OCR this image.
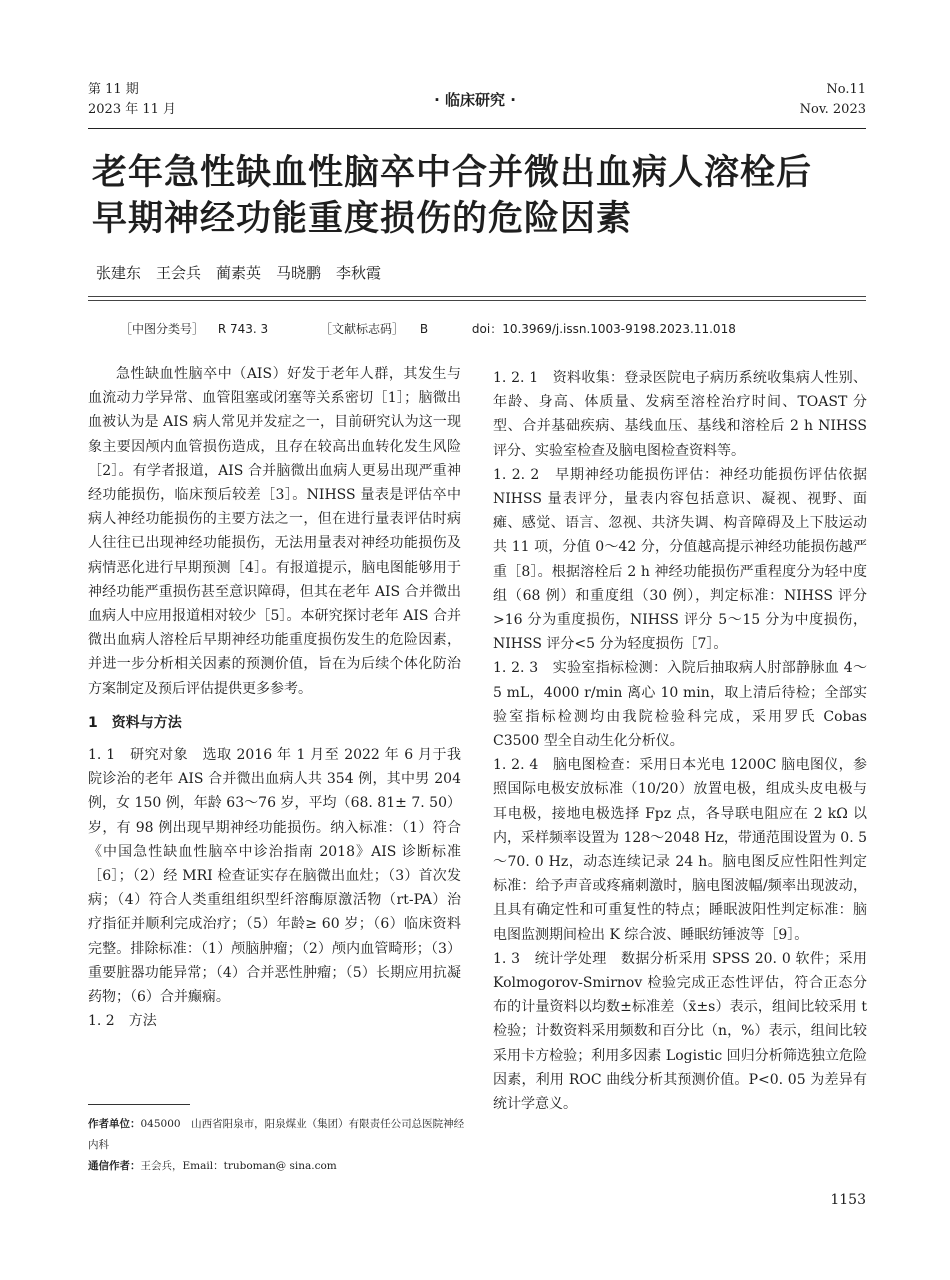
第 11 期
2023 年 11 月
· 临床研究 ·
No.11
Nov. 2023
老年急性缺血性脑卒中合并微出血病人溶栓后
早期神经功能重度损伤的危险因素
张建东　王会兵　蔺素英　马晓鹏　李秋霞
［中图分类号］ R 743. 3	［文献标志码］ B	doi：10.3969/j.issn.1003-9198.2023.11.018

急性缺血性脑卒中（AIS）好发于老年人群，其发生与血流动力学异常、血管阻塞或闭塞等关系密切［1］；脑微出血被认为是 AIS 病人常见并发症之一，目前研究认为这一现象主要因颅内血管损伤造成，且存在较高出血转化发生风险［2］。有学者报道，AIS 合并脑微出血病人更易出现严重神经功能损伤，临床预后较差［3］。NIHSS 量表是评估卒中病人神经功能损伤的主要方法之一，但在进行量表评估时病人往往已出现神经功能损伤，无法用量表对神经功能损伤及病情恶化进行早期预测［4］。有报道提示，脑电图能够用于神经功能严重损伤甚至意识障碍，但其在老年 AIS 合并微出血病人中应用报道相对较少［5］。本研究探讨老年 AIS 合并微出血病人溶栓后早期神经功能重度损伤发生的危险因素，并进一步分析相关因素的预测价值，旨在为后续个体化防治方案制定及预后评估提供更多参考。

1　资料与方法

1. 1　研究对象　选取 2016 年 1 月至 2022 年 6 月于我院诊治的老年 AIS 合并微出血病人共 354 例，其中男 204 例，女 150 例，年龄 63～76 岁，平均（68. 81± 7. 50）岁，有 98 例出现早期神经功能损伤。纳入标准：（1）符合《中国急性缺血性脑卒中诊治指南 2018》AIS 诊断标准［6］；（2）经 MRI 检查证实存在脑微出血灶；（3）首次发病；（4）符合人类重组组织型纤溶酶原激活物（rt-PA）治疗指征并顺利完成治疗；（5）年龄≥ 60 岁；（6）临床资料完整。排除标准：（1）颅脑肿瘤；（2）颅内血管畸形；（3）重要脏器功能异常；（4）合并恶性肿瘤；（5）长期应用抗凝药物；（6）合并癫痫。

1. 2　方法

1. 2. 1　资料收集：登录医院电子病历系统收集病人性别、年龄、身高、体质量、发病至溶栓治疗时间、TOAST 分型、合并基础疾病、基线血压、基线和溶栓后 2 h NIHSS 评分、实验室检查及脑电图检查资料等。

1. 2. 2　早期神经功能损伤评估：神经功能损伤评估依据 NIHSS 量表评分，量表内容包括意识、凝视、视野、面瘫、感觉、语言、忽视、共济失调、构音障碍及上下肢运动共 11 项，分值 0～42 分，分值越高提示神经功能损伤越严重［8］。根据溶栓后 2 h 神经功能损伤严重程度分为轻中度组（68 例）和重度组（30 例），判定标准：NIHSS 评分>16 分为重度损伤，NIHSS 评分 5～15 分为中度损伤，NIHSS 评分<5 分为轻度损伤［7］。

1. 2. 3　实验室指标检测：入院后抽取病人肘部静脉血 4～5 mL，4000 r/min 离心 10 min，取上清后待检；全部实验室指标检测均由我院检验科完成，采用罗氏 Cobas C3500 型全自动生化分析仪。

1. 2. 4　脑电图检查：采用日本光电 1200C 脑电图仪，参照国际电极安放标准（10/20）放置电极，组成头皮电极与耳电极，接地电极选择 Fpz 点，各导联电阻应在 2 kΩ 以内，采样频率设置为 128～2048 Hz，带通范围设置为 0. 5～70. 0 Hz，动态连续记录 24 h。脑电图反应性阳性判定标准：给予声音或疼痛刺激时，脑电图波幅/频率出现波动，且具有确定性和可重复性的特点；睡眠波阳性判定标准：脑电图监测期间检出 K 综合波、睡眠纺锤波等［9］。

1. 3　统计学处理　数据分析采用 SPSS 20. 0 软件；采用 Kolmogorov-Smirnov 检验完成正态性评估，符合正态分布的计量资料以均数±标准差（x̄±s）表示，组间比较采用 t 检验；计数资料采用频数和百分比（n，%）表示，组间比较采用卡方检验；利用多因素 Logistic 回归分析筛选独立危险因素，利用 ROC 曲线分析其预测价值。P<0. 05 为差异有统计学意义。

作者单位：045000　山西省阳泉市，阳泉煤业（集团）有限责任公司总医院神经内科
通信作者：王会兵，Email：truboman@ sina.com
1153
